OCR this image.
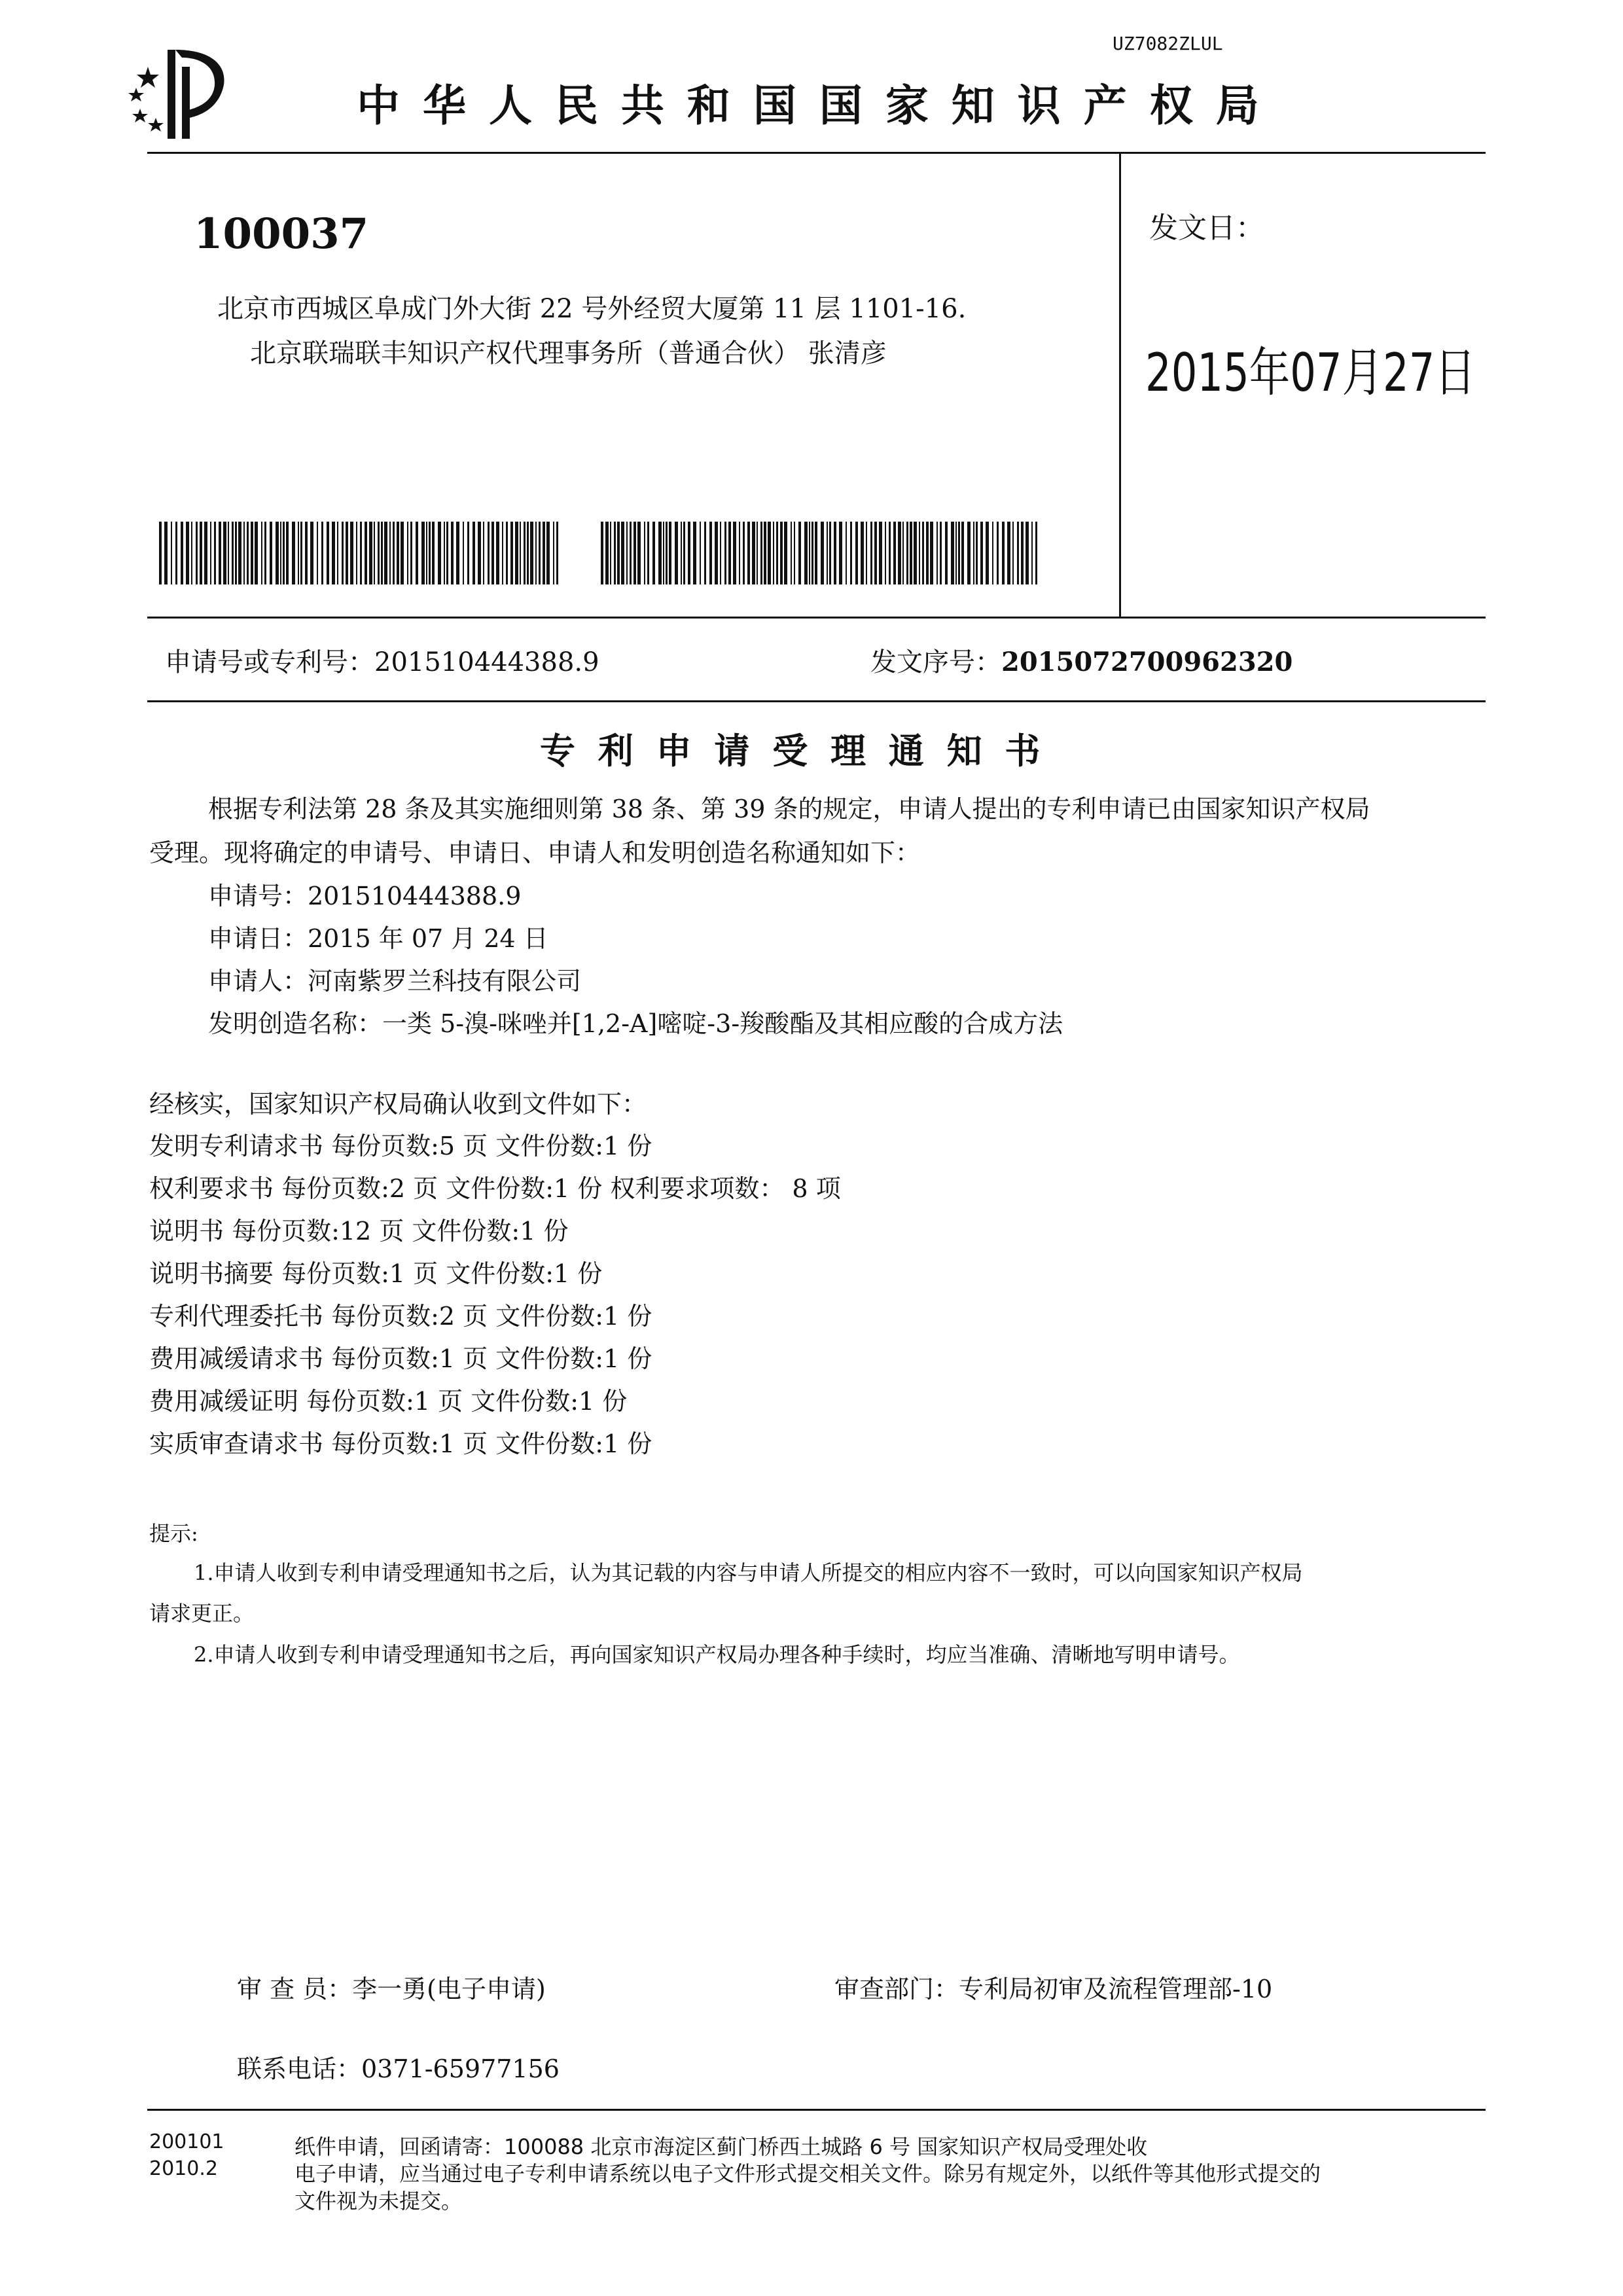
UZ7082ZLUL
中 华 人 民 共 和 国 国 家 知 识 产 权 局
100037
北京市西城区阜成门外大街 22 号外经贸大厦第 11 层 1101-16.
北京联瑞联丰知识产权代理事务所（普通合伙） 张清彦
发文日：
2015年07月27日
申请号或专利号：201510444388.9	发文序号：2015072700962320
专 利 申 请 受 理 通 知 书
根据专利法第 28 条及其实施细则第 38 条、第 39 条的规定，申请人提出的专利申请已由国家知识产权局
受理。现将确定的申请号、申请日、申请人和发明创造名称通知如下：
申请号：201510444388.9
申请日：2015 年 07 月 24 日
申请人：河南紫罗兰科技有限公司
发明创造名称：一类 5-溴-咪唑并[1,2-A]嘧啶-3-羧酸酯及其相应酸的合成方法
经核实，国家知识产权局确认收到文件如下：
发明专利请求书 每份页数:5 页 文件份数:1 份
权利要求书 每份页数:2 页 文件份数:1 份 权利要求项数： 8 项
说明书 每份页数:12 页 文件份数:1 份
说明书摘要 每份页数:1 页 文件份数:1 份
专利代理委托书 每份页数:2 页 文件份数:1 份
费用减缓请求书 每份页数:1 页 文件份数:1 份
费用减缓证明 每份页数:1 页 文件份数:1 份
实质审查请求书 每份页数:1 页 文件份数:1 份
提示:
1.申请人收到专利申请受理通知书之后，认为其记载的内容与申请人所提交的相应内容不一致时，可以向国家知识产权局
请求更正。
2.申请人收到专利申请受理通知书之后，再向国家知识产权局办理各种手续时，均应当准确、清晰地写明申请号。
审 查 员：李一勇(电子申请)	审查部门：专利局初审及流程管理部-10
联系电话：0371-65977156
200101
2010.2
纸件申请，回函请寄：100088 北京市海淀区蓟门桥西土城路 6 号 国家知识产权局受理处收
电子申请，应当通过电子专利申请系统以电子文件形式提交相关文件。除另有规定外，以纸件等其他形式提交的
文件视为未提交。
